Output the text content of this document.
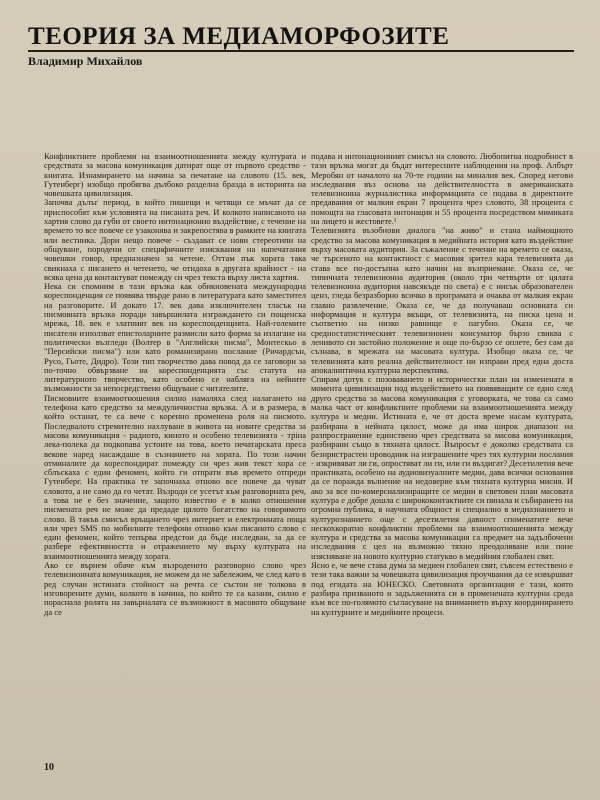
ТЕОРИЯ ЗА МЕДИАМОРФОЗИТЕ
Владимир Михайлов

Конфликтните проблеми на взаимоотношенията между културата и средствата за масова комуникация датират още от първото средство - книгата. Изнамирането на начина за печатане на словото (15. век, Гутенберг) изобщо пробягва дълбоко разделна бразда в историята на човешката цивилизация.

Започва дълъг период, в който пишещи и четящи се мъчат да се приспособят към условията на писаната реч. И колкото написаното на хартия слово да губи от своето интонационно въздействие, с течение на времето то все повече се узаконява и закрепостява в рамките на книгата или вестника. Дори нещо повече - създават се нови стереотипи на общуване, породени от специфичните изисквания на напечатания човешки говор, предназначен за четене. Оттам пък хората така свикнаха с писането и четенето, че отидоха в другата крайност - на всяка цена да контактуват помежду си чрез текста върху листа хартия.

Нека си спомним в тази връзка как обикновената международна кореспонденция се появява твърде рано в литературата като заместител на разговорите. И докато 17. век дава изключителен тласък на писмовната връзка поради завършилата изграждането си пощенска мрежа, 18. век е златният век на кореспонденцията. Най-големите писатели използват епистоларните размисли като форма за излагане на политически възгледи (Волтер в "Английски писма", Монтескьо в "Персийски писма") или като романизирано послание (Ричардсън, Русо, Гьоте, Дидро). Този тип творчество дава повод да се заговори за по-точно обвързване на кореспонденцията със статута на литературното творчество, като особено се набляга на нейните възможности за непосредствено общуване с читателите.

Писмовните взаимоотношения силно намаляха след налагането на телефона като средство за междуличностна връзка. А и в размера, в който останат, те са вече с коренно променена роля на писмото. Последвалото стремително нахлуване в живота на новите средства за масова комуникация - радиото, киното и особено телевизията - тріна лека-полека да подкопава устоите на това, което печатарската преса векове наред насаждаше в съзнанието на хората. По този начин отминалите да кореспондират помежду си чрез жив текст хора се сблъскаха с един феномен, който ги отпрати във времето отпреди Гутенберг. На практика те започнаха отново все повече да чуват словото, а не само да го четат. Възроди се усетът към разговорната реч, а това не е без значение, защото известно е в колко отношения писмената реч не може да предаде цялото богатство на говоримото слово. В такъв смисъл връщането чрез интернет и електронната поща или чрез SMS по мобилните телефони отново към писаното слово с един феномен, който тепърва предстои да бъде изследван, за да се разбере ефективността и отражението му върху културата на взаимоотношенията между хората.

Ако се върнем обаче към възроденото разговорно слово чрез телевизионната комуникация, не можем да не забележим, че след като в ред случаи истината стойност на речта се състои не толкова в изговорените думи, колкото в начина, по който те са казани, силно е пораснала ролята на завърналата се възможност в масовото общуване да се

подава и интонационният смисъл на словото. Любопитна подробност в тази връзка могат да бъдат интересните наблюдения на проф. Албърт Меробян от началото на 70-те години на миналия век. Според негови изследвания въз основа на действителността в американската телевизионна журналистика информацията се подава в директните предавания от малкия екран 7 процента чрез словото, 38 процента с помощта на гласовата интонация и 55 процента посредством мимиката на лицето и жестовете.¹

Телевизията възобнови диалога "на живо" и стана наймощното средство за масова комуникация в медийната история като въздействие върху масовата аудитория. За съжаление с течение на времето се оказа, че търсеното на контактност с масовия зрител кара телевизията да става все по-достъпна като начин на възприемане. Оказа се, че типичната телевизионна аудитория (около три четвърти от цялата телевизионна аудитория навсякъде по света) е с нисък образователен ценз, гледа безразборно всичко в програмата и очаква от малкия екран главно развлечение. Оказа се, че да получаваш основната си информация и култура вкъщи, от телевизията, на писка цена и съответно на низко равнище е пагубно. Оказа се, че средностатистическият телевизионен консуматор бързо свиква с ленивото си застойно положение и още по-бързо се оплете, без сам да съзнава, в мрежата на масовата култура. Изобщо оказа се, че телевизията като реална действителност ни изправи пред една доста апокалиптична културна перспектива.

Спирам дотук с позоваването и историчесгки план на изменената в момента цивилизация под въздействието на появяващите се едно след друго средства за масова комуникация с уговорката, че това са само малка част от конфликтните проблеми на взаимоотношенията между култура и медии. Истината е, че от доста време насам културата, разбирана в нейната цялост, може да има широк диапазон на разпространение единствено чрез средствата за масова комуникация, разбирани също в тяхната цялост. Въпросът е доколко средствата са безнристрастен проводник на изграшените чрез тях културни послания - изкривяват ли ги, опростяват ли ги, или ги въздигат? Десетилетия вече практиката, особено на аудиовизуалните медии, дава всички основания да се поражда вълнение на недоверие към тяхната културна мисия. И ако за все по-комерсиализиращите се медии в световен план масовата култура е добре дошла с ширококонтактните си пинала и събирането на огромна публика, в научната общност и специално в медиазнанието и културознанието още с десетилетия давност споменатите вече нескохкоратно конфликтни проблеми на взаимоотношенията между култура и средства за масова комуникация са предмет на задълбочени изследвания с цел на възможно тяхно преодоляване или поне изясняване на новото културно статукво в медийния глобален свят.

Ясно е, че вече става дума за медиен глобален свят, съвсем естествено е тези така важни за човешката цивилизация проучвания да се извършват под егидата на ЮНЕСКО. Световната организация е тази, която разбира призваното и задълженията си в променената културна среда към все по-голямото съгласуване на вниманието върху координирането на културните и медийните процеси.

10
